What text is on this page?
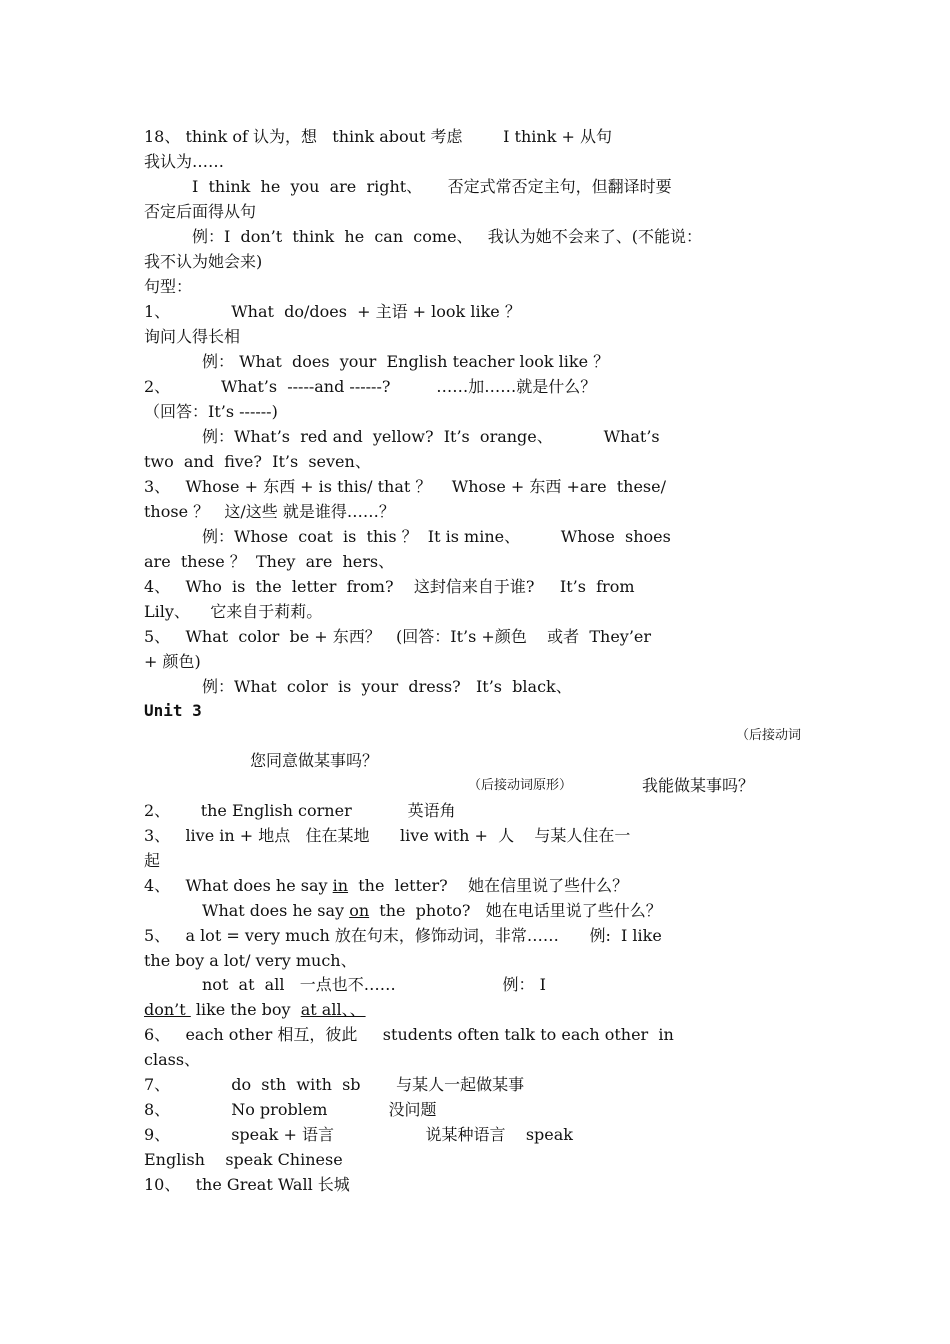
18、 think of 认为，想   think about 考虑        I think + 从句
我认为……
I  think  he  you  are  right、     否定式常否定主句，但翻译时要
否定后面得从句
例：I  don’t  think  he  can  come、   我认为她不会来了、(不能说：
我不认为她会来)
句型：
1、            What  do/does  + 主语 + look like ？
询问人得长相
例： What  does  your  English teacher look like ？
2、          What’s  -----and ------?         ……加……就是什么？
（回答：It’s ------)
例：What’s  red and  yellow?  It’s  orange、          What’s
two  and  five?  It’s  seven、
3、   Whose + 东西 + is this/ that ？    Whose + 东西 +are  these/
those ？   这/这些 就是谁得……？
例：Whose  coat  is  this ？  It is mine、        Whose  shoes
are  these ？  They  are  hers、
4、   Who  is  the  letter  from?    这封信来自于谁?     It’s  from
Lily、    它来自于莉莉。
5、   What  color  be + 东西？   (回答：It’s +颜色    或者  They’er
+ 颜色)
例：What  color  is  your  dress?   It’s  black、
Unit 3

（后接动词

您同意做某事吗？

（后接动词原形）

	我能做某事吗？

2、      the English corner           英语角
3、   live in + 地点   住在某地      live with +  人    与某人住在一
起
4、   What does he say in  the  letter?    她在信里说了些什么？
What does he say on  the  photo?   她在电话里说了些什么？
5、   a lot = very much 放在句末，修饰动词，非常……      例:  I like
the boy a lot/ very much、
not  at  all   一点也不……                     例： I
don’t  like the boy  at all、、
6、   each other 相互，彼此     students often talk to each other  in
class、
7、            do  sth  with  sb       与某人一起做某事
8、            No problem            没问题
9、            speak + 语言                  说某种语言    speak
English    speak Chinese
10、   the Great Wall 长城
